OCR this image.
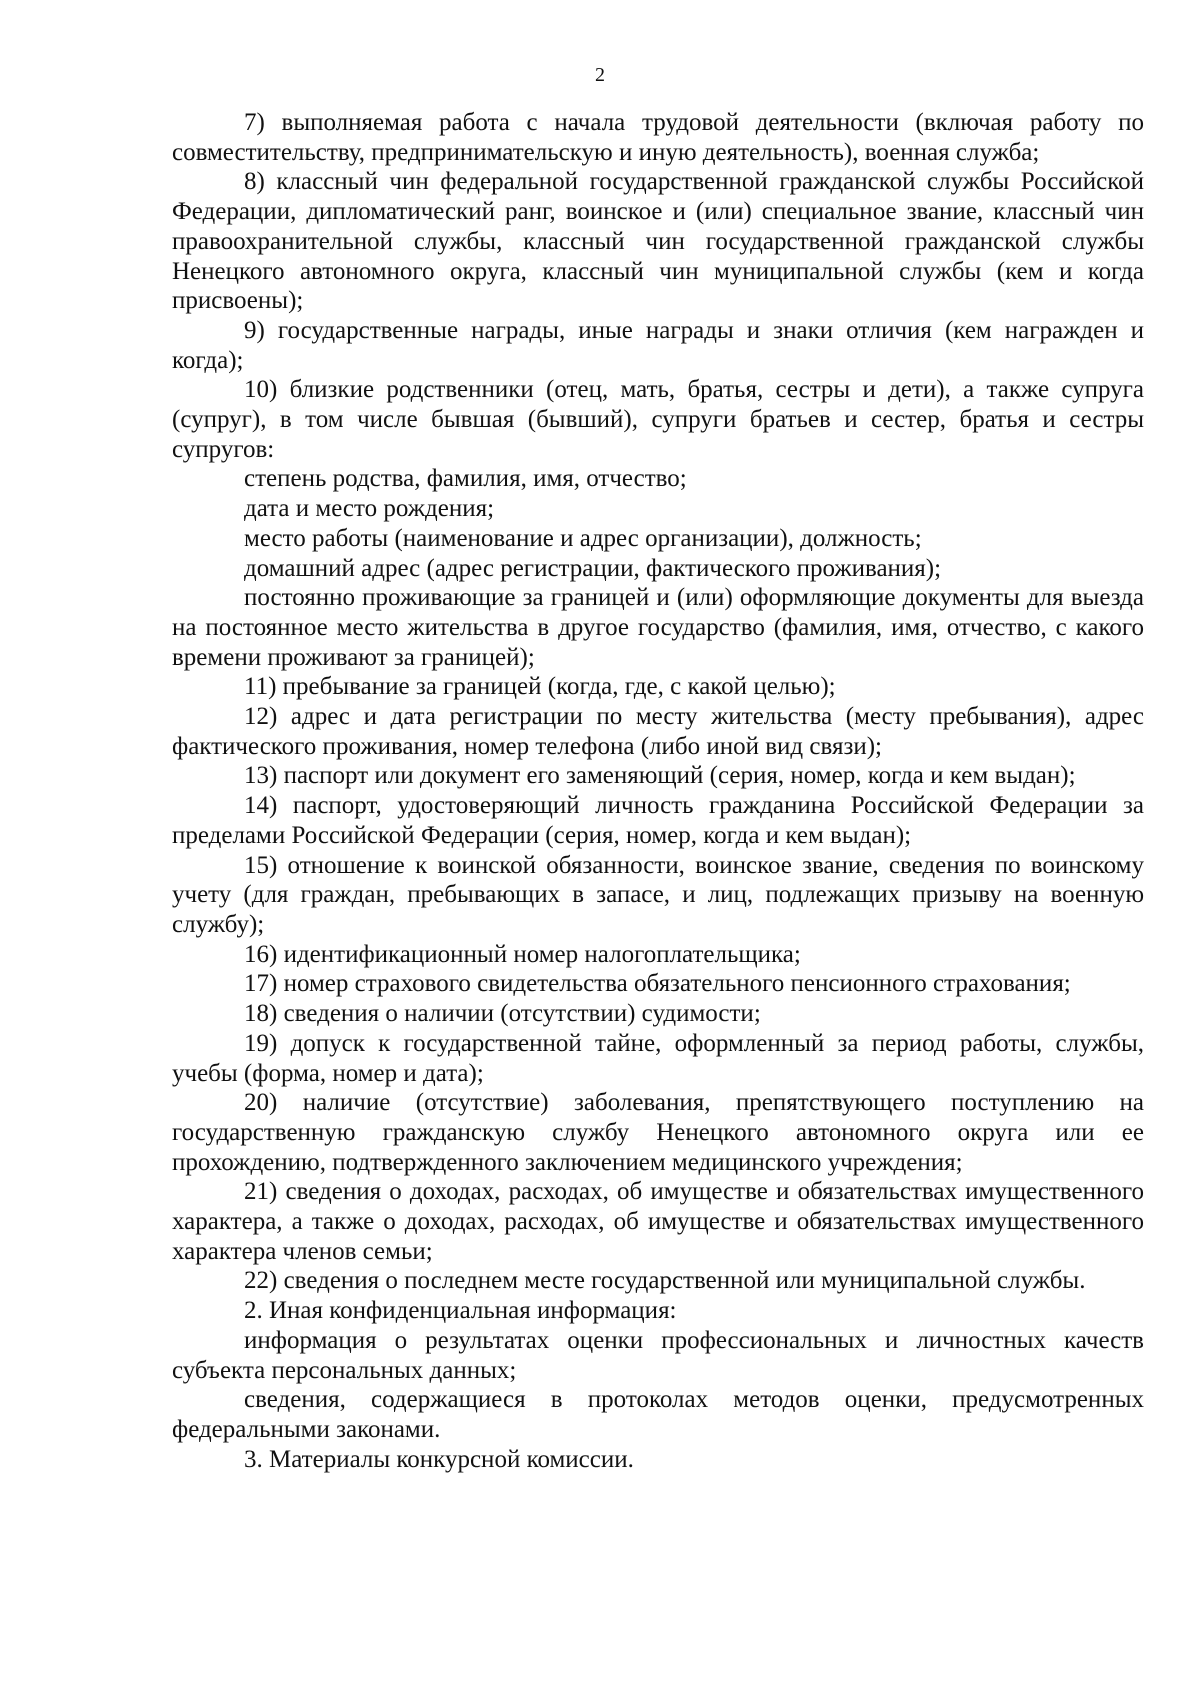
2

7) выполняемая работа с начала трудовой деятельности (включая работу по совместительству, предпринимательскую и иную деятельность), военная служба;

8) классный чин федеральной государственной гражданской службы Российской Федерации, дипломатический ранг, воинское и (или) специальное звание, классный чин правоохранительной службы, классный чин государственной гражданской службы Ненецкого автономного округа, классный чин муниципальной службы (кем и когда присвоены);

9) государственные награды, иные награды и знаки отличия (кем награжден и когда);

10) близкие родственники (отец, мать, братья, сестры и дети), а также супруга (супруг), в том числе бывшая (бывший), супруги братьев и сестер, братья и сестры супругов:

степень родства, фамилия, имя, отчество;

дата и место рождения;

место работы (наименование и адрес организации), должность;

домашний адрес (адрес регистрации, фактического проживания);

постоянно проживающие за границей и (или) оформляющие документы для выезда на постоянное место жительства в другое государство (фамилия, имя, отчество, с какого времени проживают за границей);

11) пребывание за границей (когда, где, с какой целью);

12) адрес и дата регистрации по месту жительства (месту пребывания), адрес фактического проживания, номер телефона (либо иной вид связи);

13) паспорт или документ его заменяющий (серия, номер, когда и кем выдан);

14) паспорт, удостоверяющий личность гражданина Российской Федерации за пределами Российской Федерации (серия, номер, когда и кем выдан);

15) отношение к воинской обязанности, воинское звание, сведения по воинскому учету (для граждан, пребывающих в запасе, и лиц, подлежащих призыву на военную службу);

16) идентификационный номер налогоплательщика;

17) номер страхового свидетельства обязательного пенсионного страхования;

18) сведения о наличии (отсутствии) судимости;

19) допуск к государственной тайне, оформленный за период работы, службы, учебы (форма, номер и дата);

20) наличие (отсутствие) заболевания, препятствующего поступлению на государственную гражданскую службу Ненецкого автономного округа или ее прохождению, подтвержденного заключением медицинского учреждения;

21) сведения о доходах, расходах, об имуществе и обязательствах имущественного характера, а также о доходах, расходах, об имуществе и обязательствах имущественного характера членов семьи;

22) сведения о последнем месте государственной или муниципальной службы.

2. Иная конфиденциальная информация:

информация о результатах оценки профессиональных и личностных качеств субъекта персональных данных;

сведения, содержащиеся в протоколах методов оценки, предусмотренных федеральными законами.

3. Материалы конкурсной комиссии.
